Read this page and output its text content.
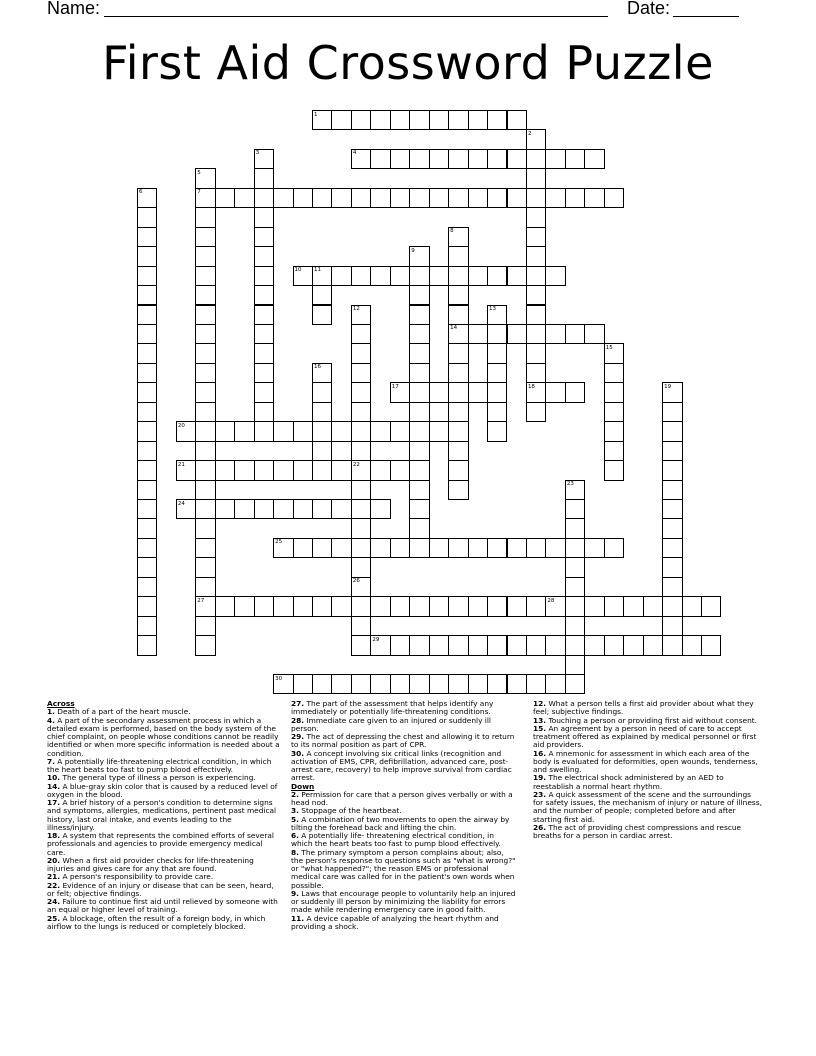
Name:	Date:
First Aid Crossword Puzzle
1
2
3	4
5
6	7
8
9
10 11
12	13
14
15
16
17	18	19
20
21	22
23
24
25
26
27	28
29
30
Across
1. Death of a part of the heart muscle.
4. A part of the secondary assessment process in which a detailed exam is performed, based on the body system of the chief complaint, on people whose conditions cannot be readily identified or when more specific information is needed about a condition.
7. A potentially life-threatening electrical condition, in which the heart beats too fast to pump blood effectively.
10. The general type of illness a person is experiencing.
14. A blue-gray skin color that is caused by a reduced level of oxygen in the blood.
17. A brief history of a person's condition to determine signs and symptoms, allergies, medications, pertinent past medical history, last oral intake, and events leading to the illness/injury.
18. A system that represents the combined efforts of several professionals and agencies to provide emergency medical care.
20. When a first aid provider checks for life-threatening injuries and gives care for any that are found.
21. A person's responsibility to provide care.
22. Evidence of an injury or disease that can be seen, heard, or felt; objective findings.
24. Failure to continue first aid until relieved by someone with an equal or higher level of training.
25. A blockage, often the result of a foreign body, in which airflow to the lungs is reduced or completely blocked.
27. The part of the assessment that helps identify any immediately or potentially life-threatening conditions.
28. Immediate care given to an injured or suddenly ill person.
29. The act of depressing the chest and allowing it to return to its normal position as part of CPR.
30. A concept involving six critical links (recognition and activation of EMS, CPR, defibrillation, advanced care, post-arrest care, recovery) to help improve survival from cardiac arrest.
Down
2. Permission for care that a person gives verbally or with a head nod.
3. Stoppage of the heartbeat.
5. A combination of two movements to open the airway by tilting the forehead back and lifting the chin.
6. A potentially life- threatening electrical condition, in which the heart beats too fast to pump blood effectively.
8. The primary symptom a person complains about; also, the person's response to questions such as "what is wrong?" or "what happened?"; the reason EMS or professional medical care was called for in the patient's own words when possible.
9. Laws that encourage people to voluntarily help an injured or suddenly ill person by minimizing the liability for errors made while rendering emergency care in good faith.
11. A device capable of analyzing the heart rhythm and providing a shock.
12. What a person tells a first aid provider about what they feel; subjective findings.
13. Touching a person or providing first aid without consent.
15. An agreement by a person in need of care to accept treatment offered as explained by medical personnel or first aid providers.
16. A mnemonic for assessment in which each area of the body is evaluated for deformities, open wounds, tenderness, and swelling.
19. The electrical shock administered by an AED to reestablish a normal heart rhythm.
23. A quick assessment of the scene and the surroundings for safety issues, the mechanism of injury or nature of illness, and the number of people; completed before and after starting first aid.
26. The act of providing chest compressions and rescue breaths for a person in cardiac arrest.
